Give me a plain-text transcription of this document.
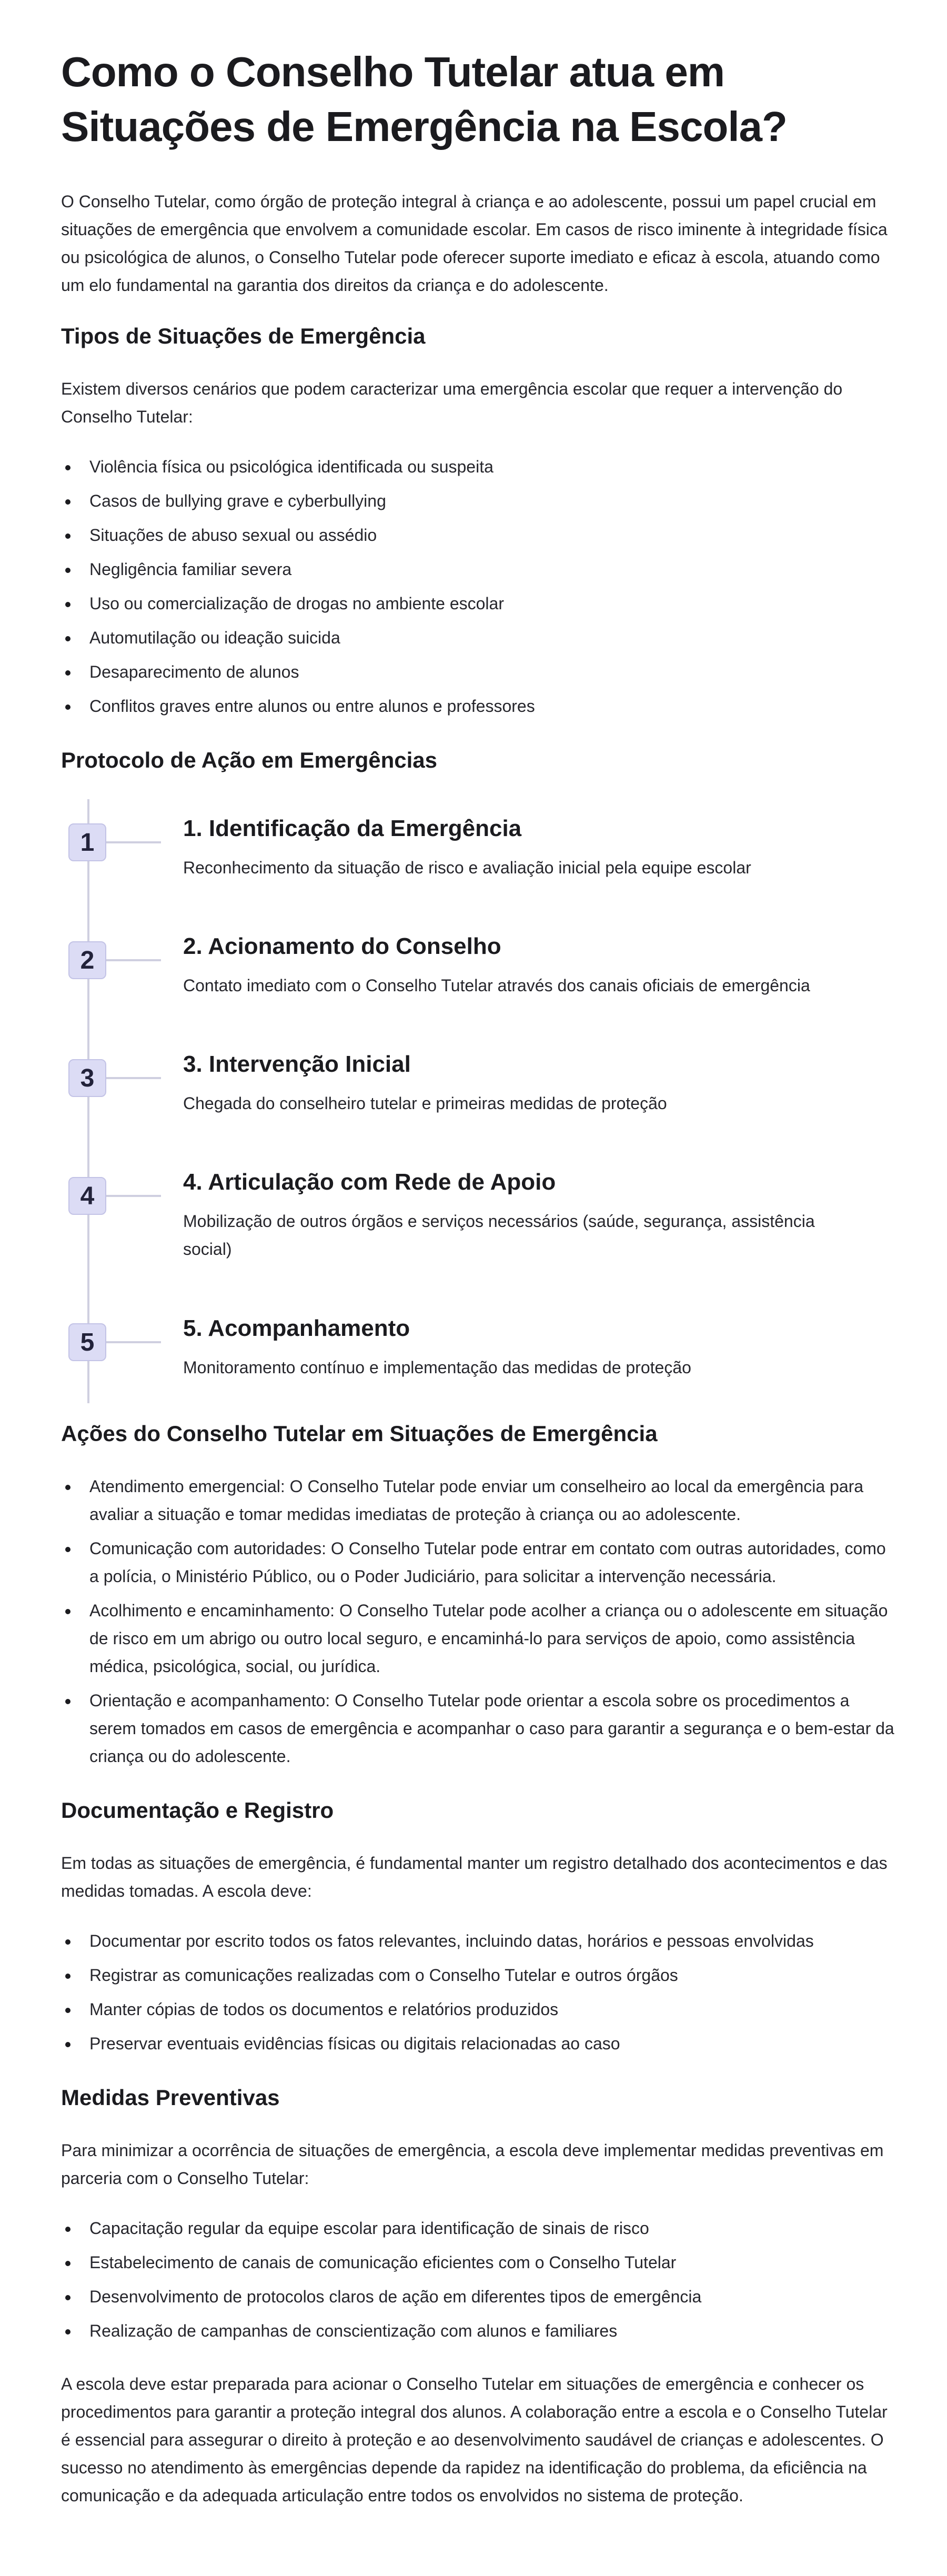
Como o Conselho Tutelar atua em
Situações de Emergência na Escola?

O Conselho Tutelar, como órgão de proteção integral à criança e ao adolescente, possui um papel crucial em situações de emergência que envolvem a comunidade escolar. Em casos de risco iminente à integridade física ou psicológica de alunos, o Conselho Tutelar pode oferecer suporte imediato e eficaz à escola, atuando como um elo fundamental na garantia dos direitos da criança e do adolescente.

Tipos de Situações de Emergência

Existem diversos cenários que podem caracterizar uma emergência escolar que requer a intervenção do Conselho Tutelar:

Violência física ou psicológica identificada ou suspeita
Casos de bullying grave e cyberbullying
Situações de abuso sexual ou assédio
Negligência familiar severa
Uso ou comercialização de drogas no ambiente escolar
Automutilação ou ideação suicida
Desaparecimento de alunos
Conflitos graves entre alunos ou entre alunos e professores
Protocolo de Ação em Emergências
1	1. Identificação da Emergência

Reconhecimento da situação de risco e avaliação inicial pela equipe escolar

2	2. Acionamento do Conselho

Contato imediato com o Conselho Tutelar através dos canais oficiais de emergência

3	3. Intervenção Inicial

Chegada do conselheiro tutelar e primeiras medidas de proteção

4	4. Articulação com Rede de Apoio

Mobilização de outros órgãos e serviços necessários (saúde, segurança, assistência social)

5	5. Acompanhamento

Monitoramento contínuo e implementação das medidas de proteção

Ações do Conselho Tutelar em Situações de Emergência
Atendimento emergencial: O Conselho Tutelar pode enviar um conselheiro ao local da emergência para avaliar a situação e tomar medidas imediatas de proteção à criança ou ao adolescente.
Comunicação com autoridades: O Conselho Tutelar pode entrar em contato com outras autoridades, como a polícia, o Ministério Público, ou o Poder Judiciário, para solicitar a intervenção necessária.
Acolhimento e encaminhamento: O Conselho Tutelar pode acolher a criança ou o adolescente em situação de risco em um abrigo ou outro local seguro, e encaminhá-lo para serviços de apoio, como assistência médica, psicológica, social, ou jurídica.
Orientação e acompanhamento: O Conselho Tutelar pode orientar a escola sobre os procedimentos a serem tomados em casos de emergência e acompanhar o caso para garantir a segurança e o bem-estar da criança ou do adolescente.
Documentação e Registro

Em todas as situações de emergência, é fundamental manter um registro detalhado dos acontecimentos e das medidas tomadas. A escola deve:

Documentar por escrito todos os fatos relevantes, incluindo datas, horários e pessoas envolvidas
Registrar as comunicações realizadas com o Conselho Tutelar e outros órgãos
Manter cópias de todos os documentos e relatórios produzidos
Preservar eventuais evidências físicas ou digitais relacionadas ao caso
Medidas Preventivas

Para minimizar a ocorrência de situações de emergência, a escola deve implementar medidas preventivas em parceria com o Conselho Tutelar:

Capacitação regular da equipe escolar para identificação de sinais de risco
Estabelecimento de canais de comunicação eficientes com o Conselho Tutelar
Desenvolvimento de protocolos claros de ação em diferentes tipos de emergência
Realização de campanhas de conscientização com alunos e familiares

A escola deve estar preparada para acionar o Conselho Tutelar em situações de emergência e conhecer os procedimentos para garantir a proteção integral dos alunos. A colaboração entre a escola e o Conselho Tutelar é essencial para assegurar o direito à proteção e ao desenvolvimento saudável de crianças e adolescentes. O sucesso no atendimento às emergências depende da rapidez na identificação do problema, da eficiência na comunicação e da adequada articulação entre todos os envolvidos no sistema de proteção.
